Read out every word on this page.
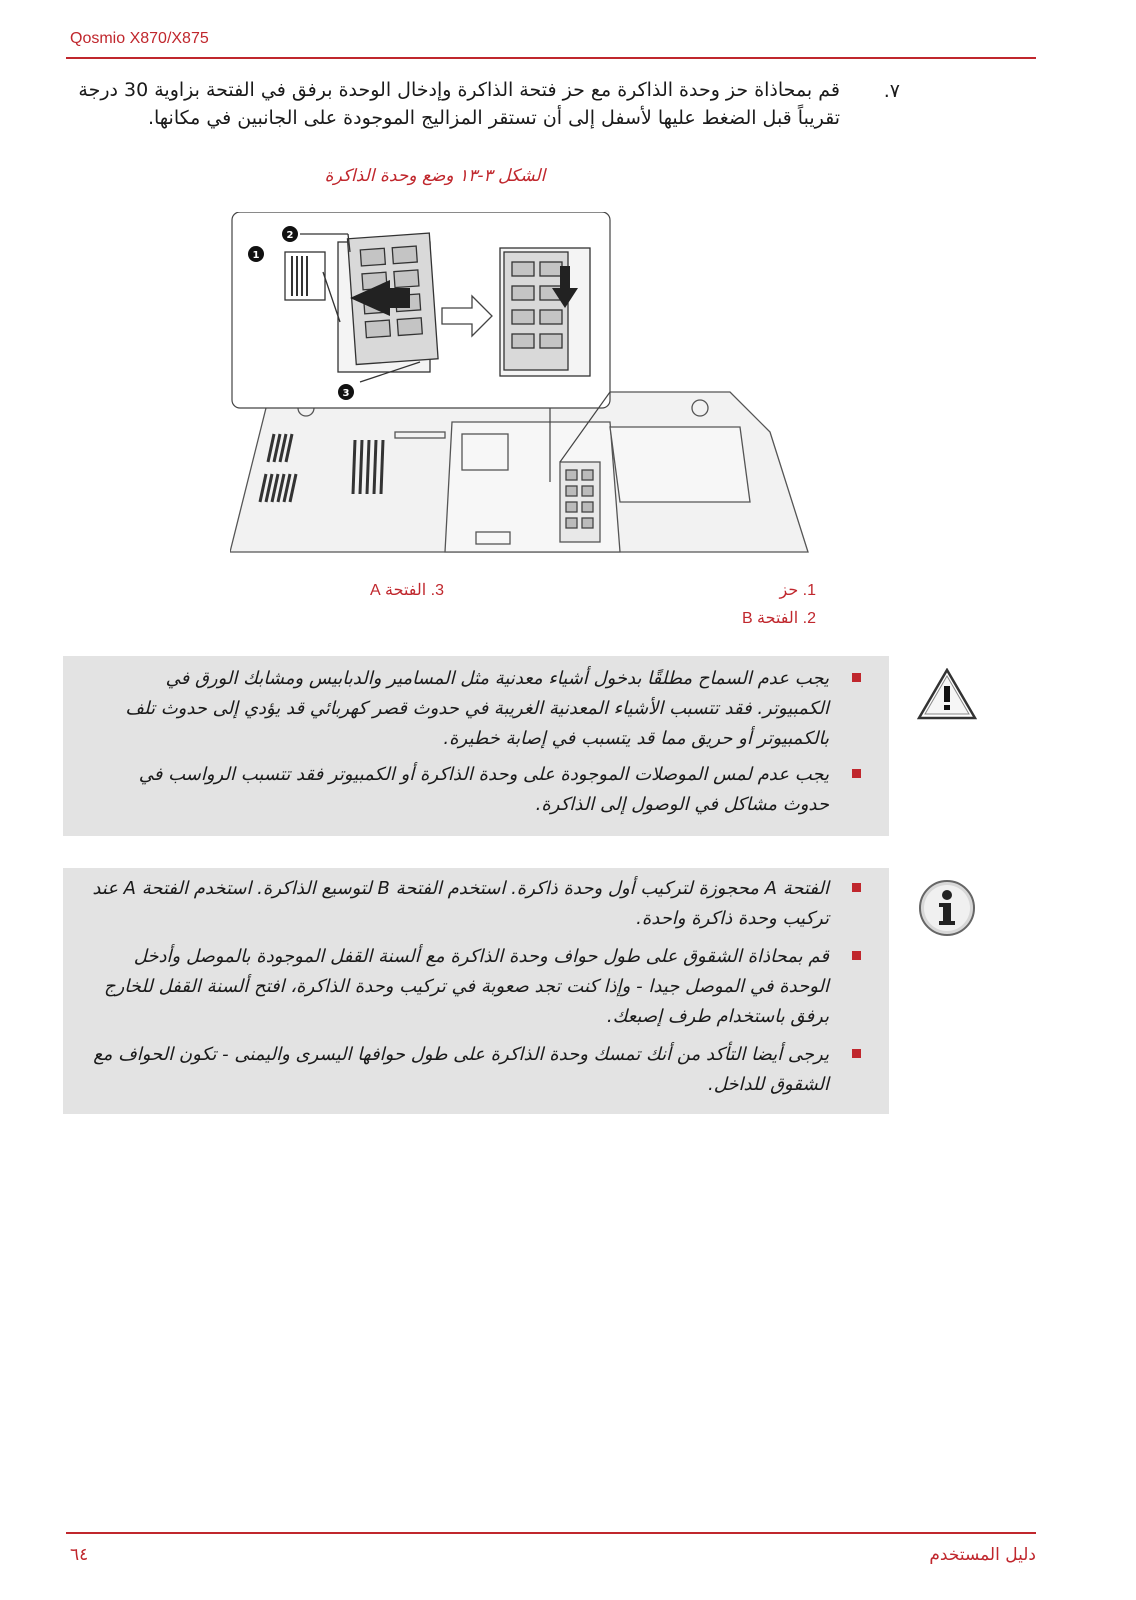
Qosmio X870/X875
.٧
قم بمحاذاة حز وحدة الذاكرة مع حز فتحة الذاكرة وإدخال الوحدة برفق في الفتحة بزاوية 30 درجة تقريباً قبل الضغط عليها لأسفل إلى أن تستقر المزاليج الموجودة على الجانبين في مكانها.
الشكل ٣-١٣ وضع وحدة الذاكرة
1
2
3
1. حز
2. الفتحة B
3. الفتحة A
يجب عدم السماح مطلقًا بدخول أشياء معدنية مثل المسامير والدبابيس ومشابك الورق في الكمبيوتر. فقد تتسبب الأشياء المعدنية الغريبة في حدوث قصر كهربائي قد يؤدي إلى حدوث تلف بالكمبيوتر أو حريق مما قد يتسبب في إصابة خطيرة.
يجب عدم لمس الموصلات الموجودة على وحدة الذاكرة أو الكمبيوتر فقد تتسبب الرواسب في حدوث مشاكل في الوصول إلى الذاكرة.
الفتحة A محجوزة لتركيب أول وحدة ذاكرة. استخدم الفتحة B لتوسيع الذاكرة. استخدم الفتحة A عند تركيب وحدة ذاكرة واحدة.
قم بمحاذاة الشقوق على طول حواف وحدة الذاكرة مع ألسنة القفل الموجودة بالموصل وأدخل الوحدة في الموصل جيدا - وإذا كنت تجد صعوبة في تركيب وحدة الذاكرة، افتح ألسنة القفل للخارج برفق باستخدام طرف إصبعك.
يرجى أيضا التأكد من أنك تمسك وحدة الذاكرة على طول حوافها اليسرى واليمنى - تكون الحواف مع الشقوق للداخل.
٦٤	دليل المستخدم
